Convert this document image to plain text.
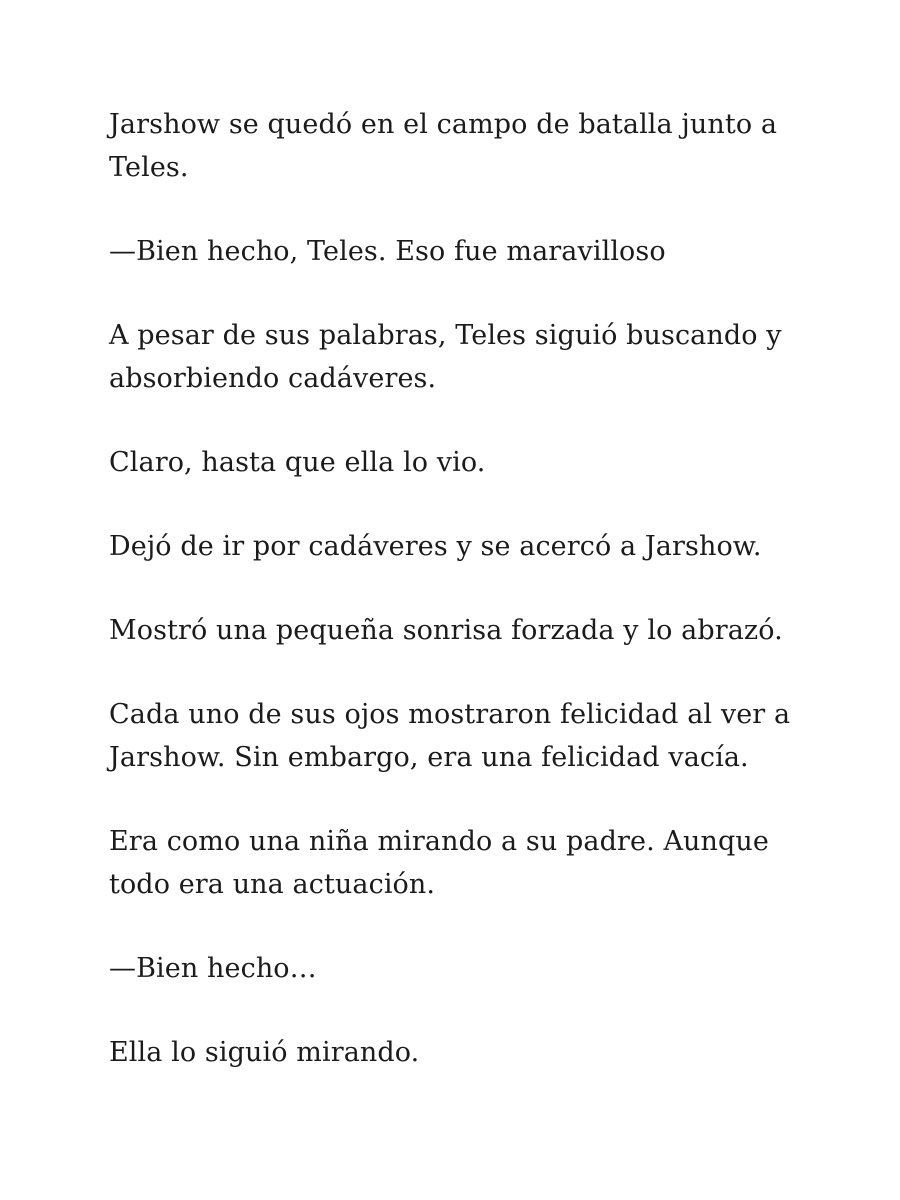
Jarshow se quedó en el campo de batalla junto a Teles.

—Bien hecho, Teles. Eso fue maravilloso

A pesar de sus palabras, Teles siguió buscando y absorbiendo cadáveres.

Claro, hasta que ella lo vio.

Dejó de ir por cadáveres y se acercó a Jarshow.

Mostró una pequeña sonrisa forzada y lo abrazó.

Cada uno de sus ojos mostraron felicidad al ver a Jarshow. Sin embargo, era una felicidad vacía.

Era como una niña mirando a su padre. Aunque todo era una actuación.

—Bien hecho…

Ella lo siguió mirando.
